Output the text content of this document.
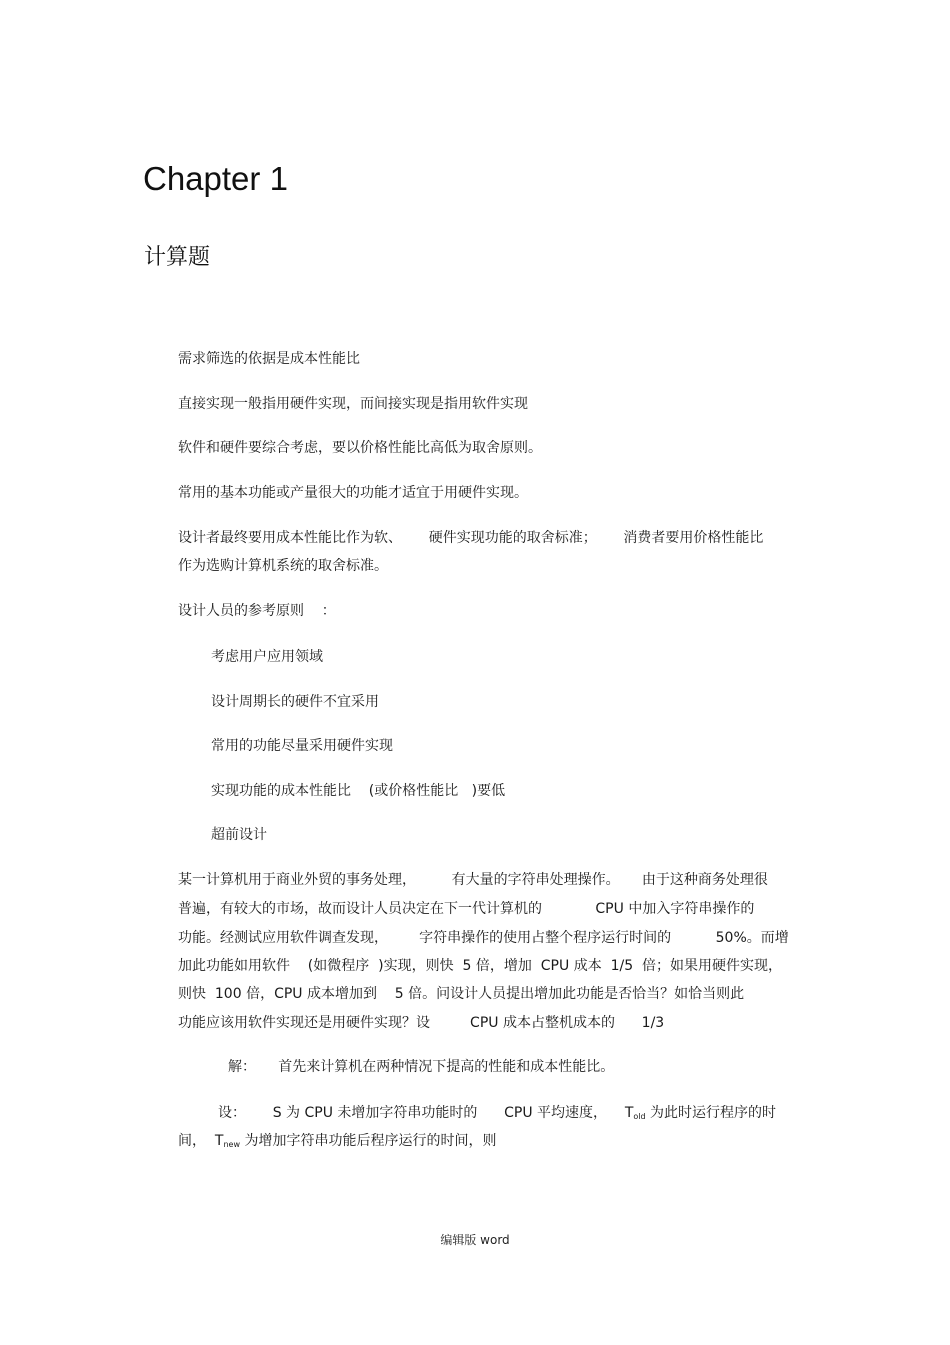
Chapter 1
计算题
需求筛选的依据是成本性能比
直接实现一般指用硬件实现，而间接实现是指用软件实现
软件和硬件要综合考虑，要以价格性能比高低为取舍原则。
常用的基本功能或产量很大的功能才适宜于用硬件实现。
设计者最终要用成本性能比作为软、      硬件实现功能的取舍标准；      消费者要用价格性能比
作为选购计算机系统的取舍标准。
设计人员的参考原则    ：
考虑用户应用领域
设计周期长的硬件不宜采用
常用的功能尽量采用硬件实现
实现功能的成本性能比    (或价格性能比   )要低
超前设计
某一计算机用于商业外贸的事务处理，        有大量的字符串处理操作。     由于这种商务处理很
普遍，有较大的市场，故而设计人员决定在下一代计算机的            CPU 中加入字符串操作的
功能。经测试应用软件调查发现，       字符串操作的使用占整个程序运行时间的          50%。而增
加此功能如用软件    (如微程序  )实现，则快  5 倍，增加  CPU 成本  1/5  倍；如果用硬件实现，
则快  100 倍，CPU 成本增加到    5 倍。问设计人员提出增加此功能是否恰当？如恰当则此
功能应该用软件实现还是用硬件实现？设         CPU 成本占整机成本的      1/3
解：     首先来计算机在两种情况下提高的性能和成本性能比。
设：      S 为 CPU 未增加字符串功能时的      CPU 平均速度，    $T_{old}$ 为此时运行程序的时
间，  $T_{new}$ 为增加字符串功能后程序运行的时间，则
编辑版 word
